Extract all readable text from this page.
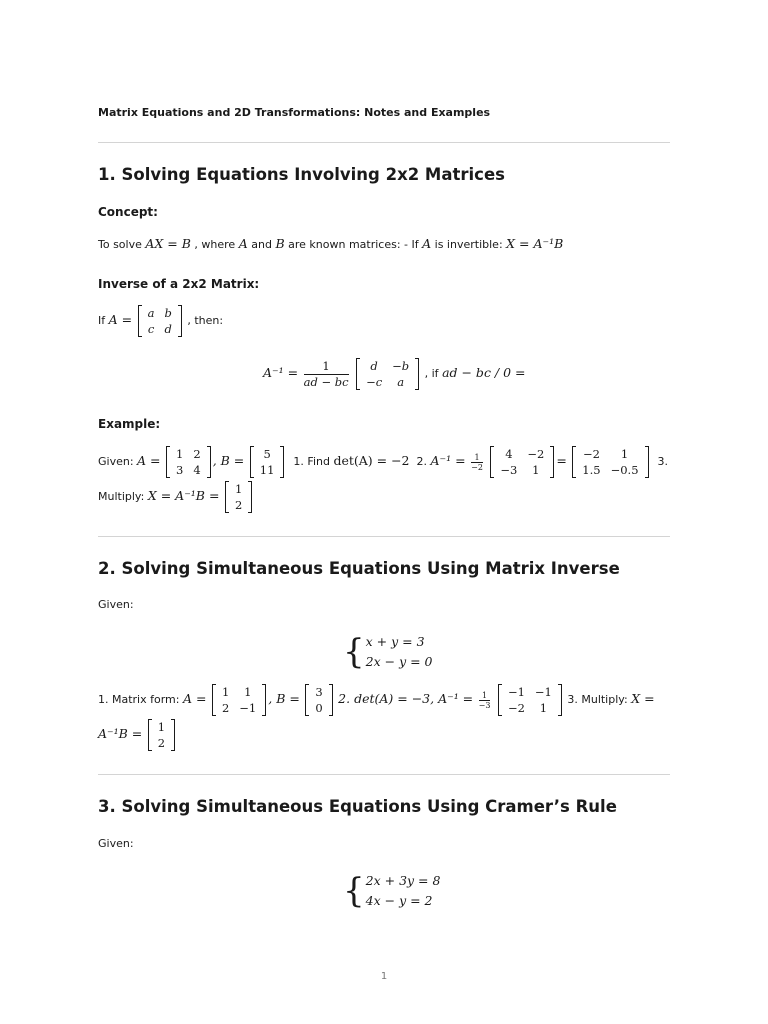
Matrix Equations and 2D Transformations: Notes and Examples
1. Solving Equations Involving 2x2 Matrices
Concept:
To solve AX = B , where A and B are known matrices: - If A is invertible: X = A⁻¹B
Inverse of a 2x2 Matrix:
If A = a	b
c	d
, then:
$A^{-1} = \frac{1}{ad - bc}$
d	−b
−c	a
, if ad − bc / 0 =
Example:
Given: A = 1	2
3	4
, B = 5
11
1. Find det(A) = −2 2. $A^{-1} = \frac{1}{-2}$
4	−2
−3	1
= −2	1
1.5	−0.5
3.
Multiply: X = A⁻¹B = 1
2
2. Solving Simultaneous Equations Using Matrix Inverse
Given:
{ x + y = 3
2x − y = 0
1. Matrix form: A = 1	1
2	−1
, B = 3
0
2. det(A) = −3, $A^{-1} = \frac{1}{-3}$
−1	−1
−2	1
3. Multiply: X =
A⁻¹B = 1
2
3. Solving Simultaneous Equations Using Cramer’s Rule
Given:
{ 2x + 3y = 8
4x − y = 2
1
